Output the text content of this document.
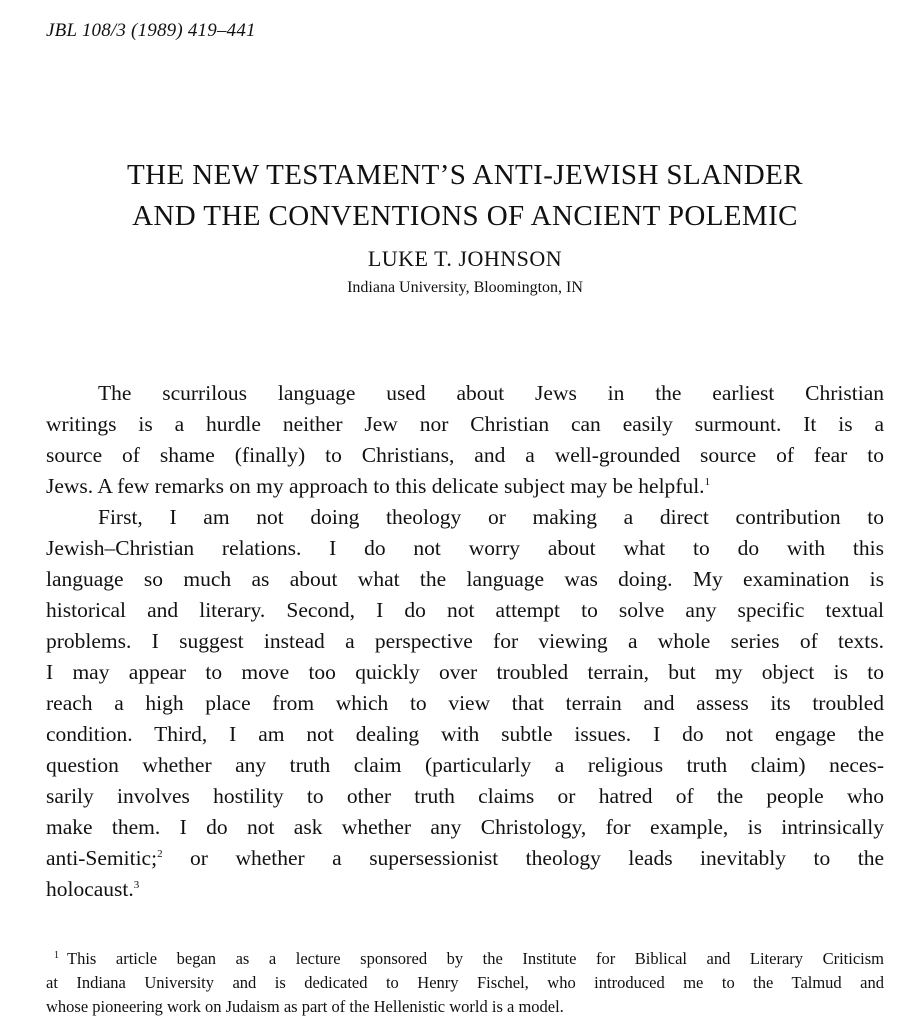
JBL 108/3 (1989) 419–441
THE NEW TESTAMENT’S ANTI-JEWISH SLANDER
AND THE CONVENTIONS OF ANCIENT POLEMIC
LUKE T. JOHNSON
Indiana University, Bloomington, IN

The scurrilous language used about Jews in the earliest Christian
writings is a hurdle neither Jew nor Christian can easily surmount. It is a
source of shame (finally) to Christians, and a well-grounded source of fear to
Jews. A few remarks on my approach to this delicate subject may be helpful.$^1$

First, I am not doing theology or making a direct contribution to
Jewish–Christian relations. I do not worry about what to do with this
language so much as about what the language was doing. My examination is
historical and literary. Second, I do not attempt to solve any specific textual
problems. I suggest instead a perspective for viewing a whole series of texts.
I may appear to move too quickly over troubled terrain, but my object is to
reach a high place from which to view that terrain and assess its troubled
condition. Third, I am not dealing with subtle issues. I do not engage the
question whether any truth claim (particularly a religious truth claim) neces-
sarily involves hostility to other truth claims or hatred of the people who
make them. I do not ask whether any Christology, for example, is intrinsically
anti-Semitic;$^2$ or whether a supersessionist theology leads inevitably to the
holocaust.$^3$

$^1$ This article began as a lecture sponsored by the Institute for Biblical and Literary Criticism
at Indiana University and is dedicated to Henry Fischel, who introduced me to the Talmud and
whose pioneering work on Judaism as part of the Hellenistic world is a model.
